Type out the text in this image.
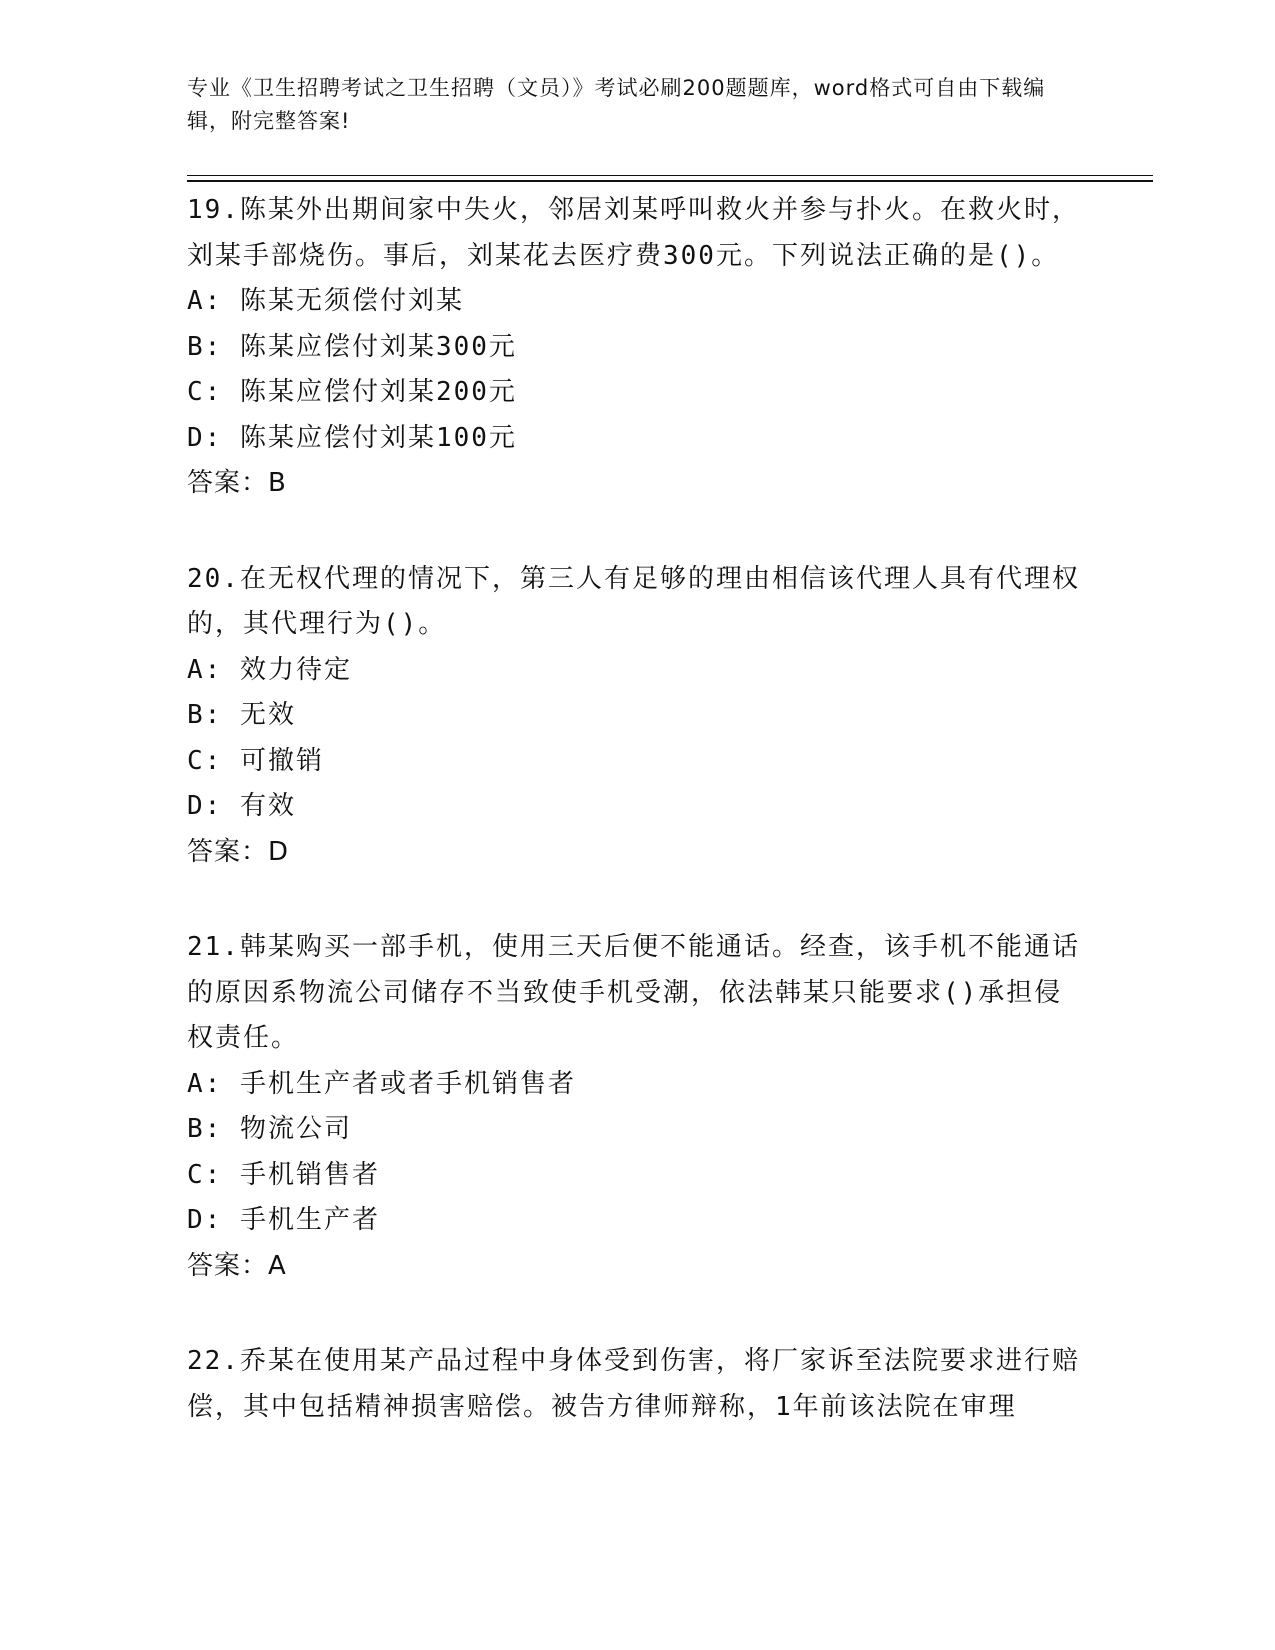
专业《卫生招聘考试之卫生招聘（文员）》考试必刷200题题库，word格式可自由下载编辑，附完整答案!
19.陈某外出期间家中失火，邻居刘某呼叫救火并参与扑火。在救火时，刘某手部烧伤。事后，刘某花去医疗费300元。下列说法正确的是()。
A: 陈某无须偿付刘某
B: 陈某应偿付刘某300元
C: 陈某应偿付刘某200元
D: 陈某应偿付刘某100元
答案：B
20.在无权代理的情况下，第三人有足够的理由相信该代理人具有代理权的，其代理行为()。
A: 效力待定
B: 无效
C: 可撤销
D: 有效
答案：D
21.韩某购买一部手机，使用三天后便不能通话。经查，该手机不能通话的原因系物流公司储存不当致使手机受潮，依法韩某只能要求()承担侵权责任。
A: 手机生产者或者手机销售者
B: 物流公司
C: 手机销售者
D: 手机生产者
答案：A
22.乔某在使用某产品过程中身体受到伤害，将厂家诉至法院要求进行赔偿，其中包括精神损害赔偿。被告方律师辩称，1年前该法院在审理
